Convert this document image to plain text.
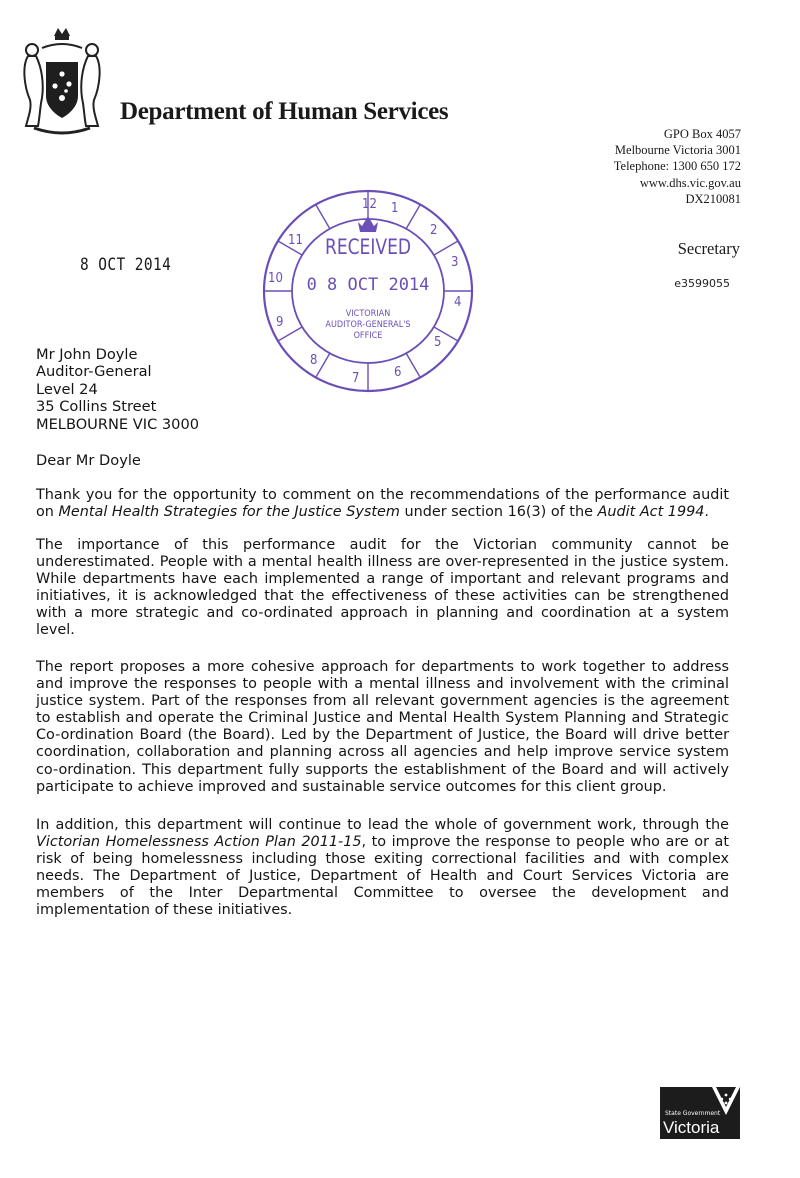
Department of Human Services
GPO Box 4057
Melbourne Victoria 3001
Telephone: 1300 650 172
www.dhs.vic.gov.au
DX210081
Secretary
e3599055
8 OCT 2014
12 1
2
3
4
5
6
7
8
9
10
11 RECEIVED
0 8 OCT 2014
VICTORIAN
AUDITOR-GENERAL'S
OFFICE
Mr John Doyle
Auditor-General
Level 24
35 Collins Street
MELBOURNE VIC 3000
Dear Mr Doyle
Thank you for the opportunity to comment on the recommendations of the performance audit on Mental Health Strategies for the Justice System under section 16(3) of the Audit Act 1994.
The importance of this performance audit for the Victorian community cannot be underestimated. People with a mental health illness are over-represented in the justice system. While departments have each implemented a range of important and relevant programs and initiatives, it is acknowledged that the effectiveness of these activities can be strengthened with a more strategic and co-ordinated approach in planning and coordination at a system level.
The report proposes a more cohesive approach for departments to work together to address and improve the responses to people with a mental illness and involvement with the criminal justice system. Part of the responses from all relevant government agencies is the agreement to establish and operate the Criminal Justice and Mental Health System Planning and Strategic Co-ordination Board (the Board). Led by the Department of Justice, the Board will drive better coordination, collaboration and planning across all agencies and help improve service system co-ordination. This department fully supports the establishment of the Board and will actively participate to achieve improved and sustainable service outcomes for this client group.
In addition, this department will continue to lead the whole of government work, through the Victorian Homelessness Action Plan 2011-15, to improve the response to people who are or at risk of being homelessness including those exiting correctional facilities and with complex needs. The Department of Justice, Department of Health and Court Services Victoria are members of the Inter Departmental Committee to oversee the development and implementation of these initiatives.
State Government
Victoria
